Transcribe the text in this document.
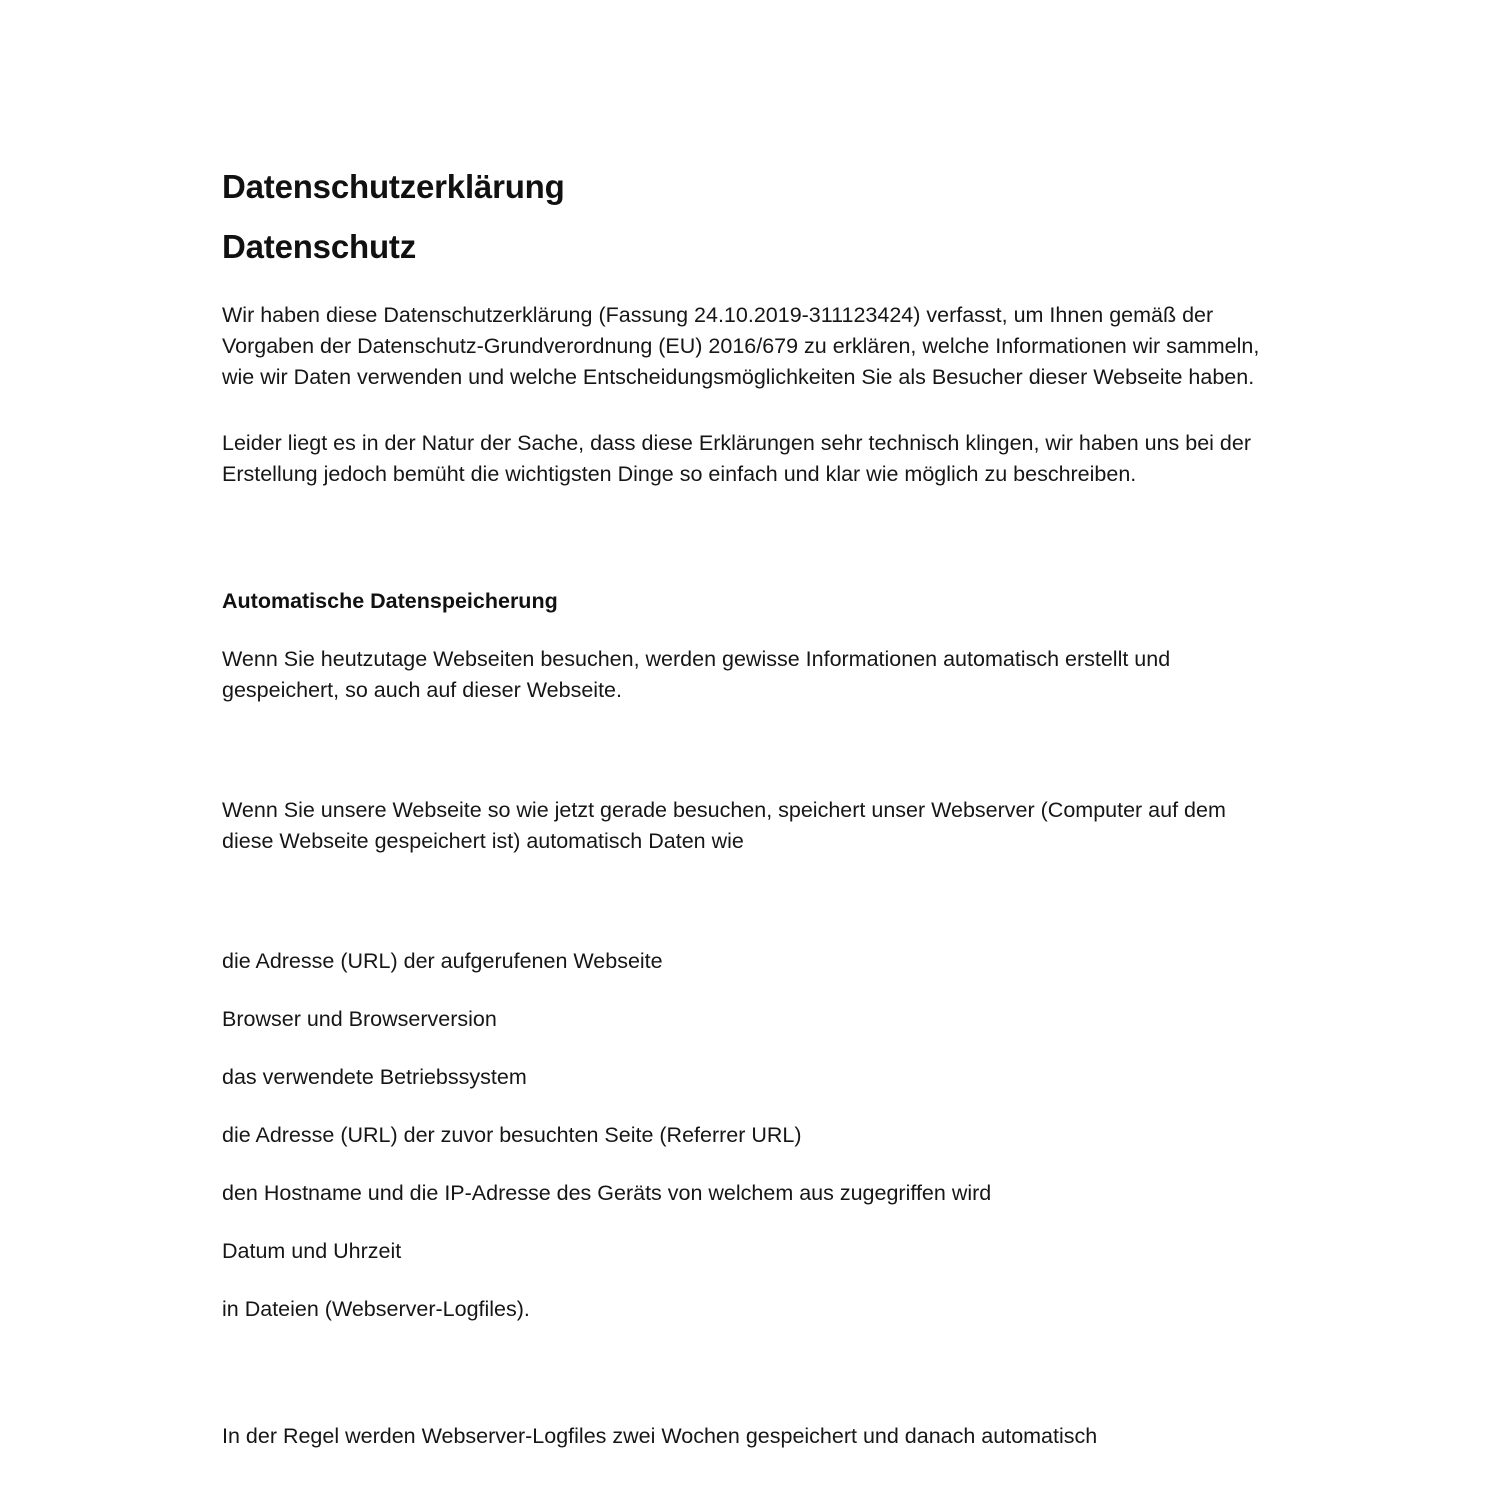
Datenschutzerklärung
Datenschutz

Wir haben diese Datenschutzerklärung (Fassung 24.10.2019-311123424) verfasst, um Ihnen gemäß der Vorgaben der Datenschutz-Grundverordnung (EU) 2016/679 zu erklären, welche Informationen wir sammeln, wie wir Daten verwenden und welche Entscheidungsmöglichkeiten Sie als Besucher dieser Webseite haben.

Leider liegt es in der Natur der Sache, dass diese Erklärungen sehr technisch klingen, wir haben uns bei der Erstellung jedoch bemüht die wichtigsten Dinge so einfach und klar wie möglich zu beschreiben.

Automatische Datenspeicherung

Wenn Sie heutzutage Webseiten besuchen, werden gewisse Informationen automatisch erstellt und gespeichert, so auch auf dieser Webseite.

Wenn Sie unsere Webseite so wie jetzt gerade besuchen, speichert unser Webserver (Computer auf dem diese Webseite gespeichert ist) automatisch Daten wie

die Adresse (URL) der aufgerufenen Webseite
Browser und Browserversion
das verwendete Betriebssystem
die Adresse (URL) der zuvor besuchten Seite (Referrer URL)
den Hostname und die IP-Adresse des Geräts von welchem aus zugegriffen wird
Datum und Uhrzeit
in Dateien (Webserver-Logfiles).

In der Regel werden Webserver-Logfiles zwei Wochen gespeichert und danach automatisch
